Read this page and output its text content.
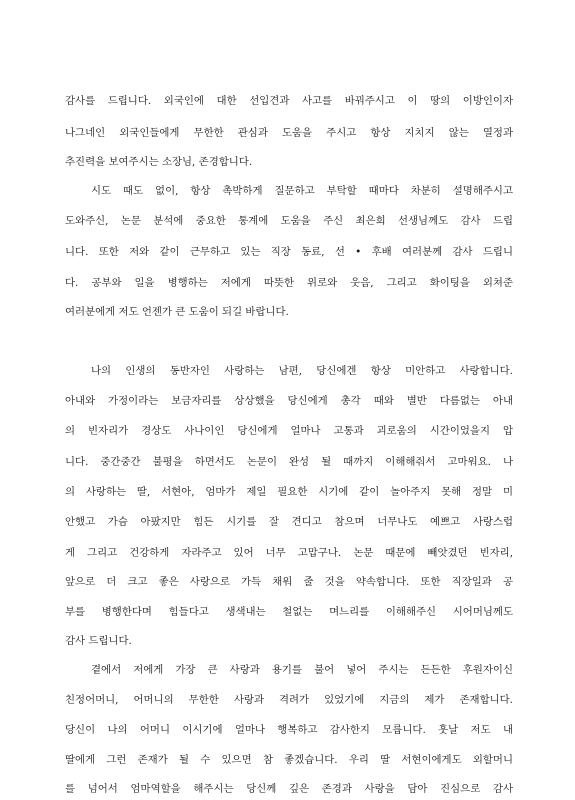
감사를 드립니다. 외국인에 대한 선입견과 사고를 바꿔주시고 이 땅의 이방인이자
나그네인 외국인들에게 무한한 관심과 도움을 주시고 항상 지치지 않는 열정과
추진력을 보여주시는 소장님, 존경합니다.
시도 때도 없이, 항상 촉박하게 질문하고 부탁할 때마다 차분히 설명해주시고
도와주신, 논문 분석에 중요한 통계에 도움을 주신 최은희 선생님께도 감사 드립
니다. 또한 저와 같이 근무하고 있는 직장 동료, 선 • 후배 여러분께 감사 드립니
다. 공부와 일을 병행하는 저에게 따뜻한 위로와 웃음, 그리고 화이팅을 외쳐준
여러분에게 저도 언젠가 큰 도움이 되길 바랍니다.
나의 인생의 동반자인 사랑하는 남편, 당신에겐 항상 미안하고 사랑합니다.
아내와 가정이라는 보금자리를 상상했을 당신에게 총각 때와 별반 다름없는 아내
의 빈자리가 경상도 사나이인 당신에게 얼마나 고통과 괴로움의 시간이었을지 압
니다. 중간중간 불평을 하면서도 논문이 완성 될 때까지 이해해줘서 고마워요. 나
의 사랑하는 딸, 서현아, 엄마가 제일 필요한 시기에 같이 놀아주지 못해 정말 미
안했고 가슴 아팠지만 힘든 시기를 잘 견디고 참으며 너무나도 예쁘고 사랑스럽
게 그리고 건강하게 자라주고 있어 너무 고맙구나. 논문 때문에 빼앗겼던 빈자리,
앞으로 더 크고 좋은 사랑으로 가득 채워 줄 것을 약속합니다. 또한 직장일과 공
부를 병행한다며 힘들다고 생색내는 철없는 며느리를 이해해주신 시어머님께도
감사 드립니다.
곁에서 저에게 가장 큰 사랑과 용기를 불어 넣어 주시는 든든한 후원자이신
친정어머니, 어머니의 무한한 사랑과 격려가 있었기에 지금의 제가 존재합니다.
당신이 나의 어머니 이시기에 얼마나 행복하고 감사한지 모릅니다. 훗날 저도 내
딸에게 그런 존재가 될 수 있으면 참 좋겠습니다. 우리 딸 서현이에게도 외할머니
를 넘어서 엄마역할을 해주시는 당신께 깊은 존경과 사랑을 담아 진심으로 감사
